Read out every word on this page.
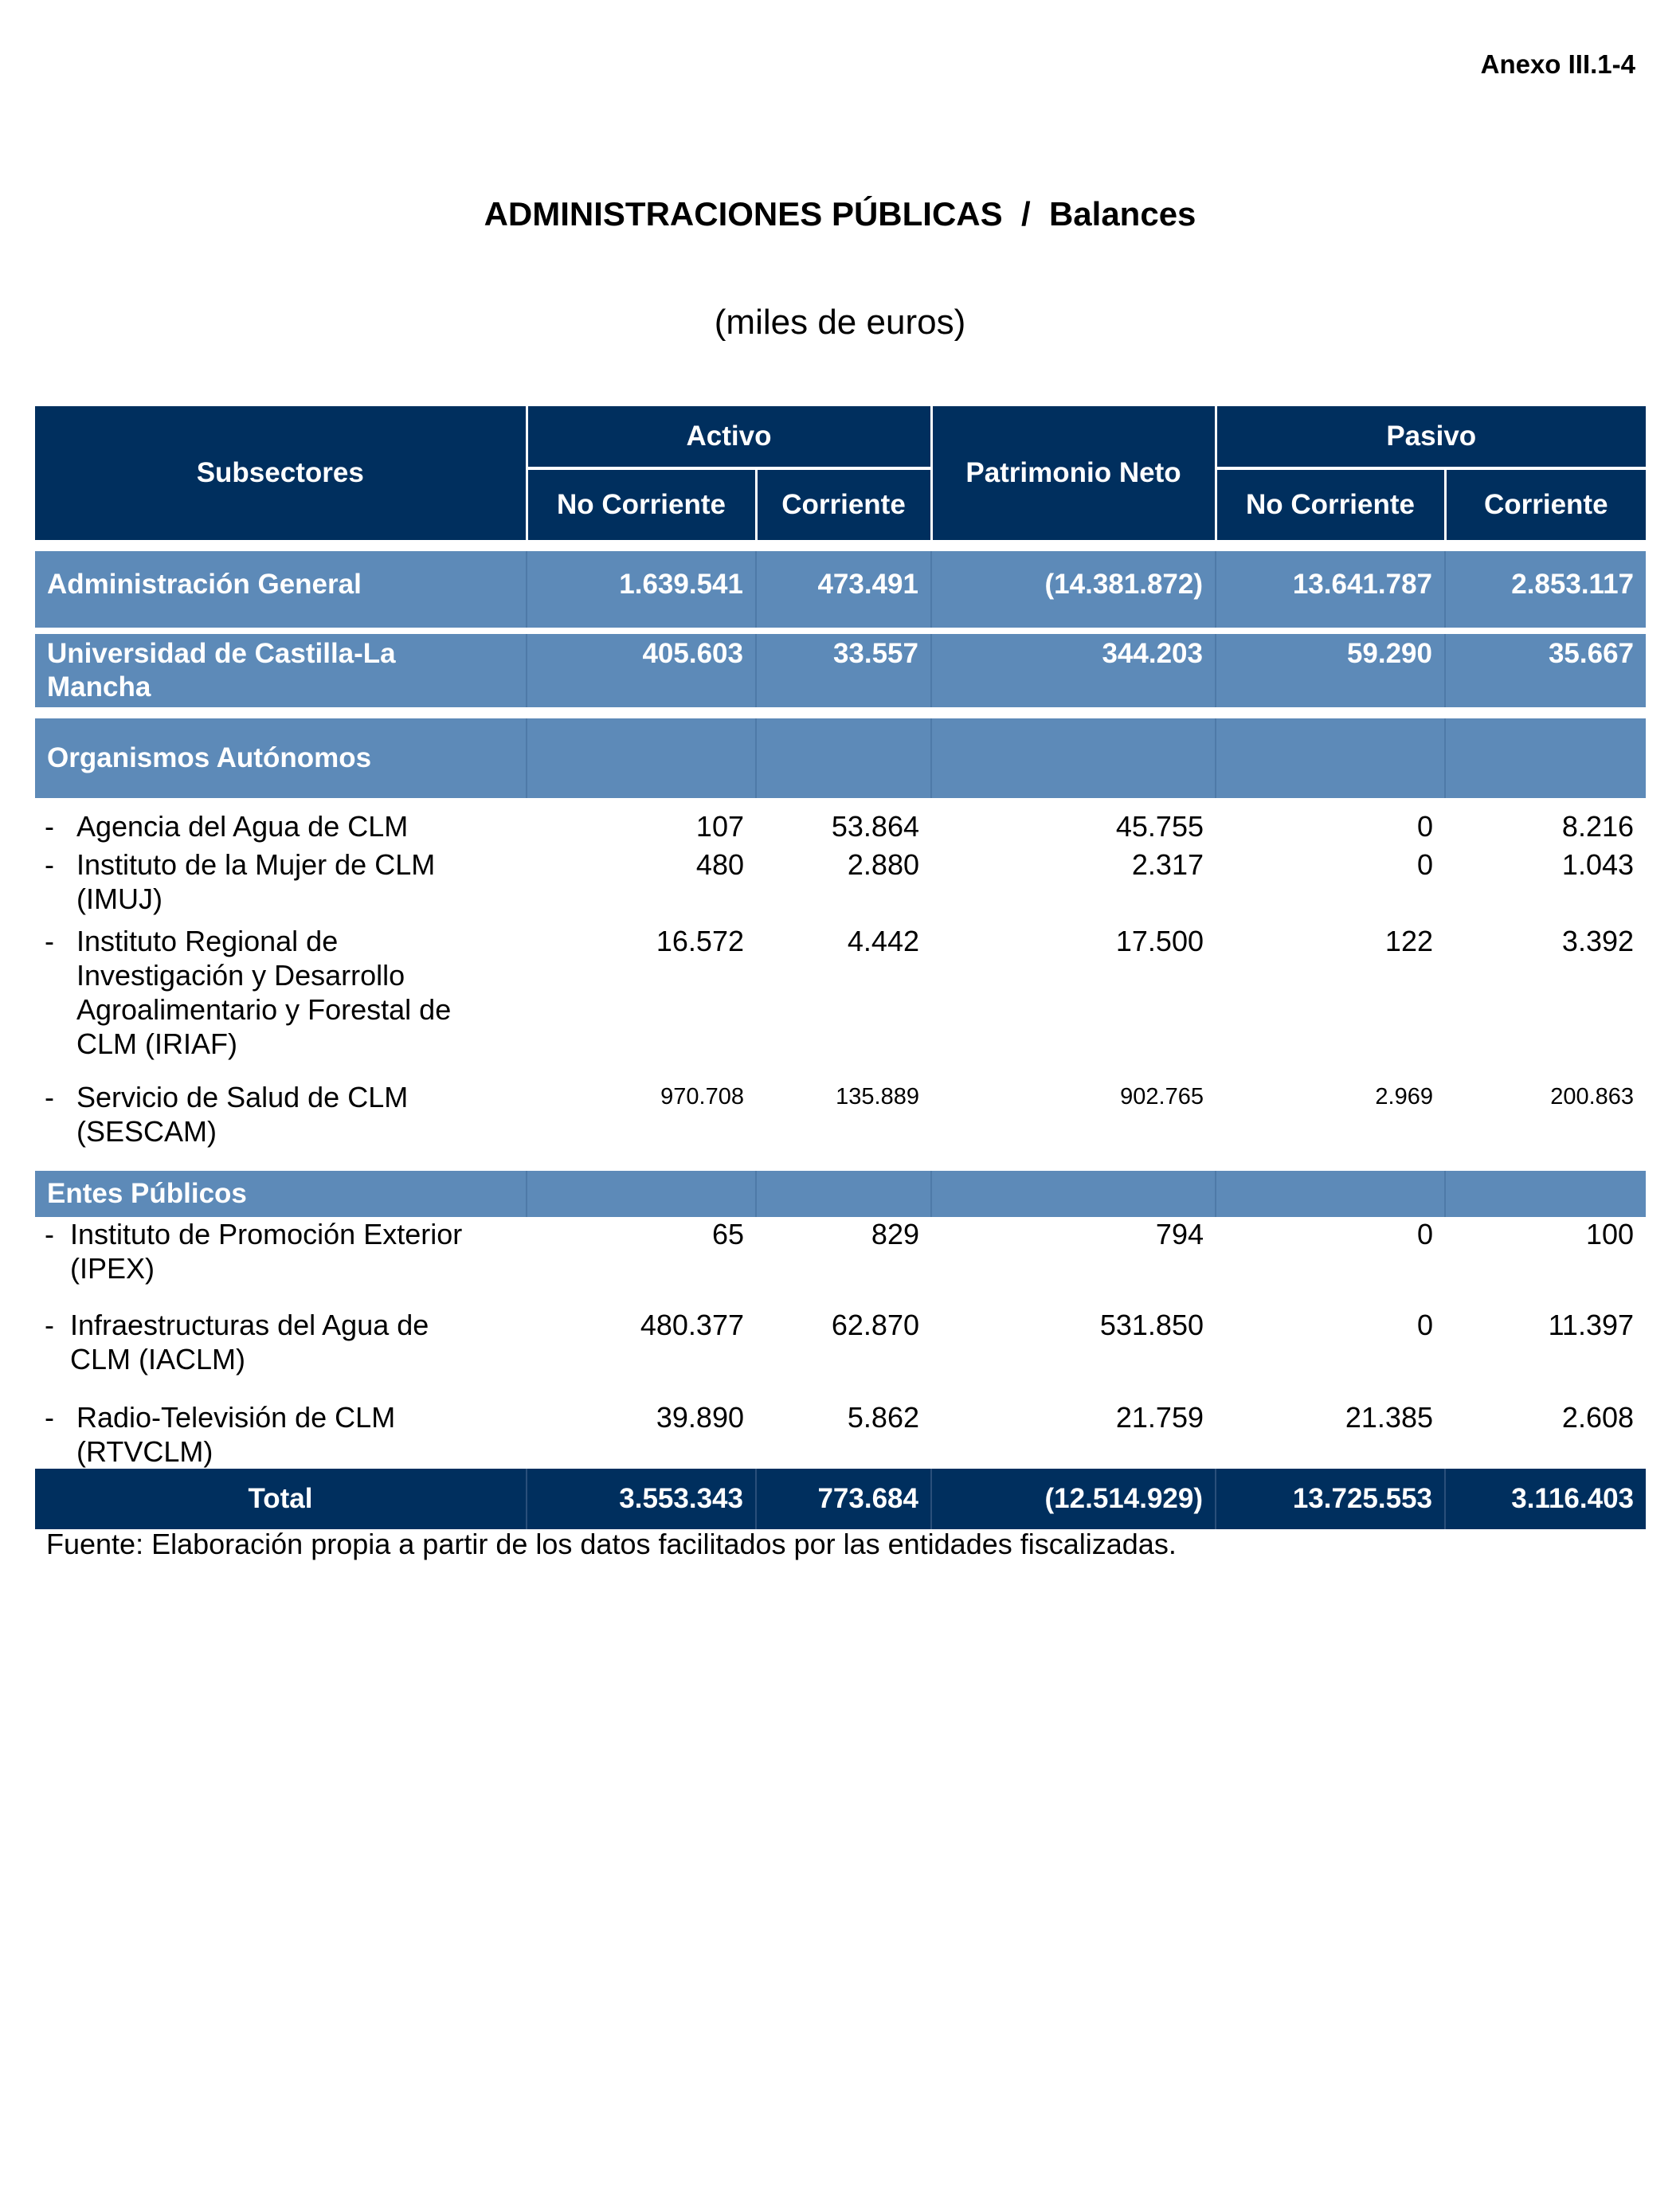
Anexo III.1-4
ADMINISTRACIONES PÚBLICAS  /  Balances
(miles de euros)
Subsectores	Activo		Patrimonio Neto	Pasivo	
	No Corriente	Corriente		No Corriente	Corriente

Administración General	1.639.541	473.491	(14.381.872)	13.641.787	2.853.117

Universidad de Castilla-La
Mancha	405.603	33.557	344.203	59.290	35.667

Organismos Autónomos					
- Agencia del Agua de CLM	107	53.864	45.755	0	8.216
- Instituto de la Mujer de CLM
(IMUJ)	480	2.880	2.317	0	1.043
- Instituto Regional de
Investigación y Desarrollo
Agroalimentario y Forestal de
CLM (IRIAF)	16.572	4.442	17.500	122	3.392
- Servicio de Salud de CLM
(SESCAM)	970.708	135.889	902.765	2.969	200.863
Entes Públicos					
- Instituto de Promoción Exterior
(IPEX)	65	829	794	0	100
- Infraestructuras del Agua de
CLM (IACLM)	480.377	62.870	531.850	0	11.397
- Radio-Televisión de CLM
(RTVCLM)	39.890	5.862	21.759	21.385	2.608
Total	3.553.343	773.684	(12.514.929)	13.725.553	3.116.403
Fuente: Elaboración propia a partir de los datos facilitados por las entidades fiscalizadas.
